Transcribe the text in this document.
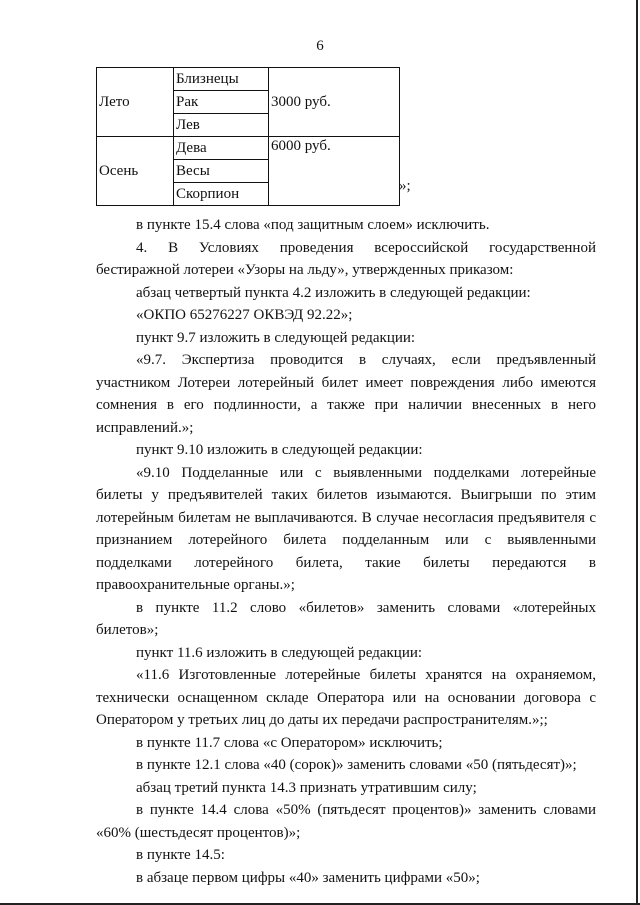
6
Лето	Близнецы	3000 руб.
	Рак	
	Лев	
Осень	Дева	6000 руб.
	Весы	
	Скорпион		»;

в пункте 15.4 слова «под защитным слоем» исключить.

4. В Условиях проведения всероссийской государственной бестиражной лотереи «Узоры на льду», утвержденных приказом:

абзац четвертый пункта 4.2 изложить в следующей редакции:

«ОКПО 65276227 ОКВЭД 92.22»;

пункт 9.7 изложить в следующей редакции:

«9.7. Экспертиза проводится в случаях, если предъявленный участником Лотереи лотерейный билет имеет повреждения либо имеются сомнения в его подлинности, а также при наличии внесенных в него исправлений.»;

пункт 9.10 изложить в следующей редакции:

«9.10 Подделанные или с выявленными подделками лотерейные билеты у предъявителей таких билетов изымаются. Выигрыши по этим лотерейным билетам не выплачиваются. В случае несогласия предъявителя с признанием лотерейного билета подделанным или с выявленными подделками лотерейного билета, такие билеты передаются в правоохранительные органы.»;

в пункте 11.2 слово «билетов» заменить словами «лотерейных билетов»;

пункт 11.6 изложить в следующей редакции:

«11.6 Изготовленные лотерейные билеты хранятся на охраняемом, технически оснащенном складе Оператора или на основании договора с Оператором у третьих лиц до даты их передачи распространителям.»;;

в пункте 11.7 слова «с Оператором» исключить;

в пункте 12.1 слова «40 (сорок)» заменить словами «50 (пятьдесят)»;

абзац третий пункта 14.3 признать утратившим силу;

в пункте 14.4 слова «50% (пятьдесят процентов)» заменить словами «60% (шестьдесят процентов)»;

в пункте 14.5:

в абзаце первом цифры «40» заменить цифрами «50»;
